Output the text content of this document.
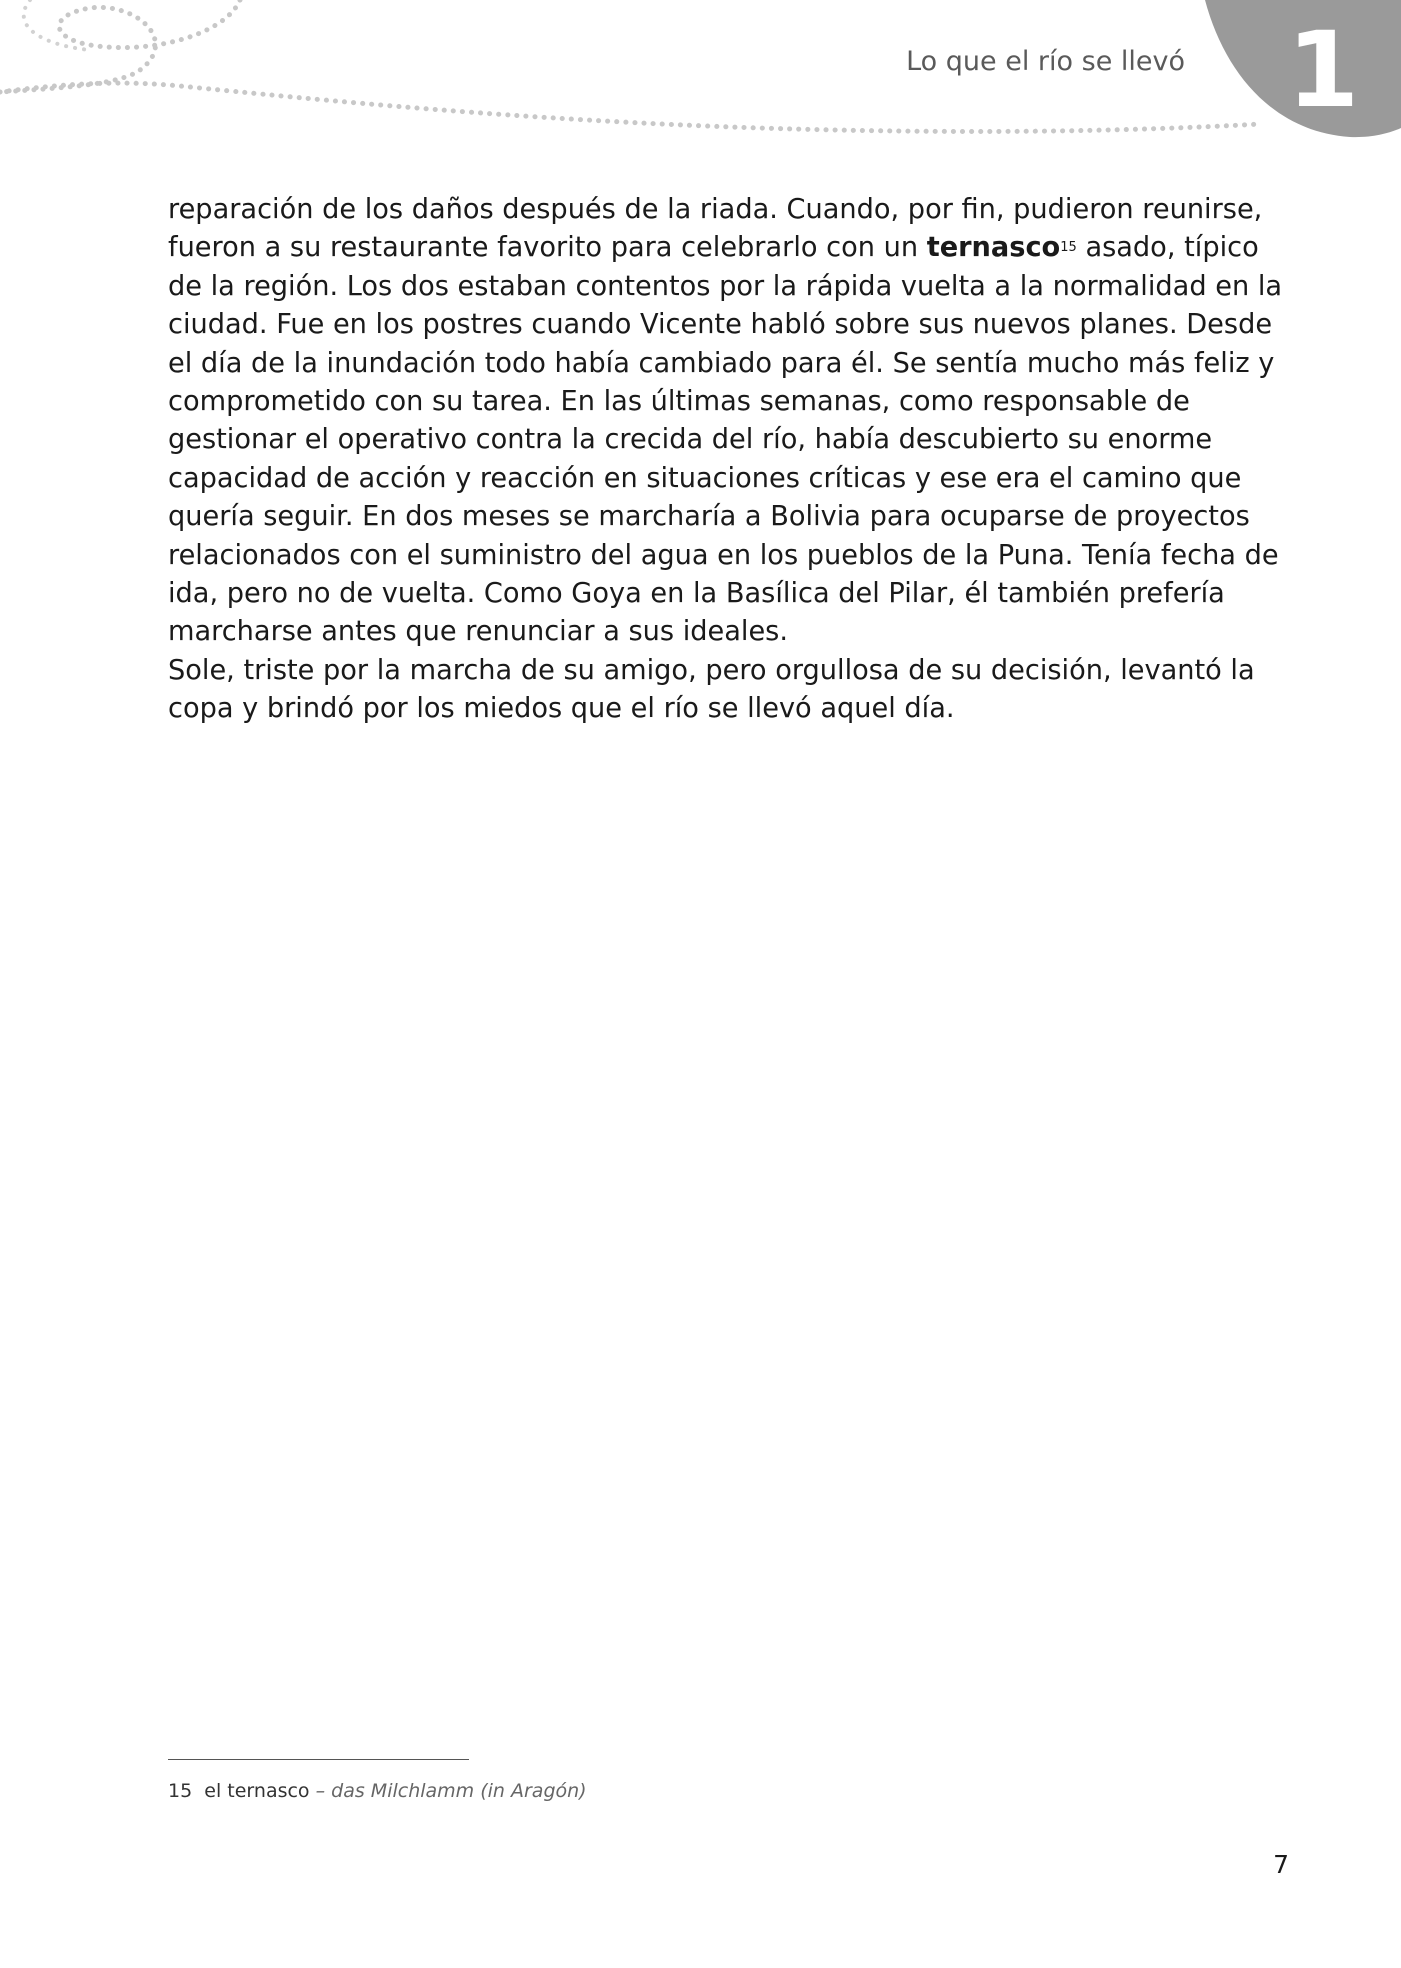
Lo que el río se llevó 1

reparación de los daños después de la riada. Cuando, por fin, pudieron reunirse, fueron a su restaurante favorito para celebrarlo con un ternasco$^{15}$ asado, típico de la región. Los dos estaban contentos por la rápida vuelta a la normalidad en la ciudad. Fue en los postres cuando Vicente habló sobre sus nuevos planes. Desde el día de la inundación todo había cambiado para él. Se sentía mucho más feliz y comprometido con su tarea. En las últimas semanas, como responsable de gestionar el operativo contra la crecida del río, había descubierto su enorme capacidad de acción y reacción en situaciones críticas y ese era el camino que quería seguir. En dos meses se marcharía a Bolivia para ocuparse de proyectos relacionados con el suministro del agua en los pueblos de la Puna. Tenía fecha de ida, pero no de vuelta. Como Goya en la Basílica del Pilar, él también prefería marcharse antes que renunciar a sus ideales.

Sole, triste por la marcha de su amigo, pero orgullosa de su decisión, levantó la copa y brindó por los miedos que el río se llevó aquel día.

15 el ternasco – das Milchlamm (in Aragón)
7
